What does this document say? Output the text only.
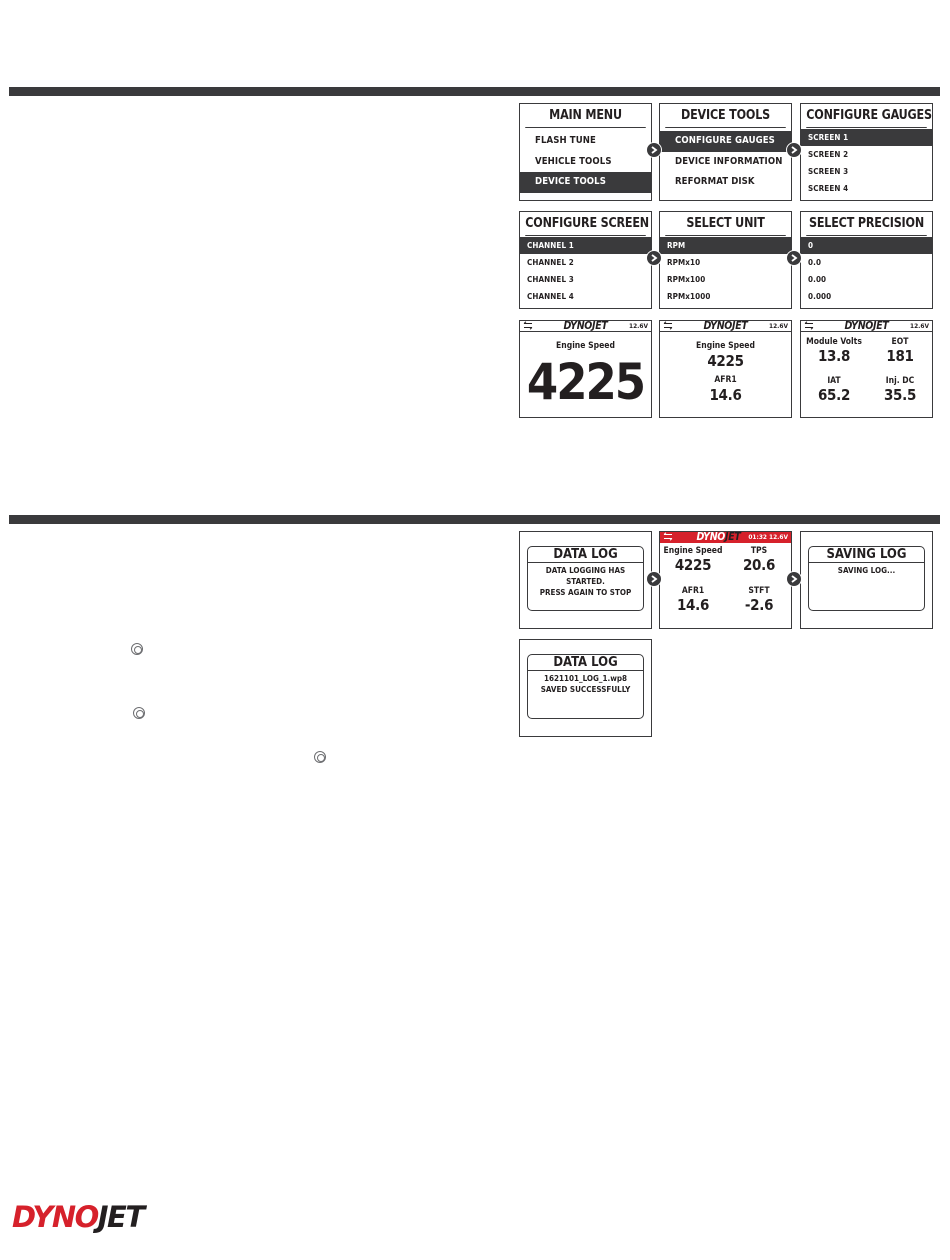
MAIN MENU
FLASH TUNE
VEHICLE TOOLS
DEVICE TOOLS
DEVICE TOOLS
CONFIGURE GAUGES
DEVICE INFORMATION
REFORMAT DISK
CONFIGURE GAUGES
SCREEN 1
SCREEN 2
SCREEN 3
SCREEN 4
CONFIGURE SCREEN
CHANNEL 1
CHANNEL 2
CHANNEL 3
CHANNEL 4
SELECT UNIT
RPM
RPMx10
RPMx100
RPMx1000
SELECT PRECISION
0
0.0
0.00
0.000
DYNOJET	12.6V
Engine Speed
4225
DYNOJET	12.6V
Engine Speed
4225
AFR1
14.6
DYNOJET	12.6V
Module Volts
13.8
EOT
181
IAT
65.2
Inj. DC
35.5
DATA LOG
DATA LOGGING HAS STARTED.
PRESS AGAIN TO STOP
DYNOJET	01:32 12.6V
Engine Speed
4225
TPS
20.6
AFR1
14.6
STFT
-2.6
SAVING LOG
SAVING LOG...
DATA LOG
1621101_LOG_1.wp8
SAVED SUCCESSFULLY
DYNOJET
